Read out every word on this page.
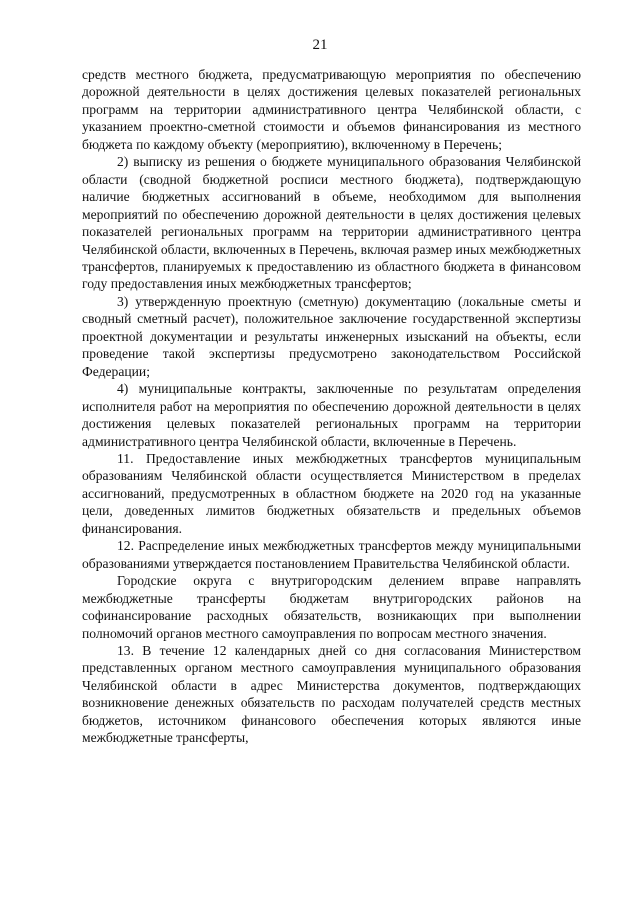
21

средств местного бюджета, предусматривающую мероприятия по обеспечению дорожной деятельности в целях достижения целевых показателей региональных программ на территории административного центра Челябинской области, с указанием проектно-сметной стоимости и объемов финансирования из местного бюджета по каждому объекту (мероприятию), включенному в Перечень;

2) выписку из решения о бюджете муниципального образования Челябинской области (сводной бюджетной росписи местного бюджета), подтверждающую наличие бюджетных ассигнований в объеме, необходимом для выполнения мероприятий по обеспечению дорожной деятельности в целях достижения целевых показателей региональных программ на территории административного центра Челябинской области, включенных в Перечень, включая размер иных межбюджетных трансфертов, планируемых к предоставлению из областного бюджета в финансовом году предоставления иных межбюджетных трансфертов;

3) утвержденную проектную (сметную) документацию (локальные сметы и сводный сметный расчет), положительное заключение государственной экспертизы проектной документации и результаты инженерных изысканий на объекты, если проведение такой экспертизы предусмотрено законодательством Российской Федерации;

4) муниципальные контракты, заключенные по результатам определения исполнителя работ на мероприятия по обеспечению дорожной деятельности в целях достижения целевых показателей региональных программ на территории административного центра Челябинской области, включенные в Перечень.

11. Предоставление иных межбюджетных трансфертов муниципальным образованиям Челябинской области осуществляется Министерством в пределах ассигнований, предусмотренных в областном бюджете на 2020 год на указанные цели, доведенных лимитов бюджетных обязательств и предельных объемов финансирования.

12. Распределение иных межбюджетных трансфертов между муниципальными образованиями утверждается постановлением Правительства Челябинской области.

Городские округа с внутригородским делением вправе направлять межбюджетные трансферты бюджетам внутригородских районов на софинансирование расходных обязательств, возникающих при выполнении полномочий органов местного самоуправления по вопросам местного значения.

13. В течение 12 календарных дней со дня согласования Министерством представленных органом местного самоуправления муниципального образования Челябинской области в адрес Министерства документов, подтверждающих возникновение денежных обязательств по расходам получателей средств местных бюджетов, источником финансового обеспечения которых являются иные межбюджетные трансферты,
